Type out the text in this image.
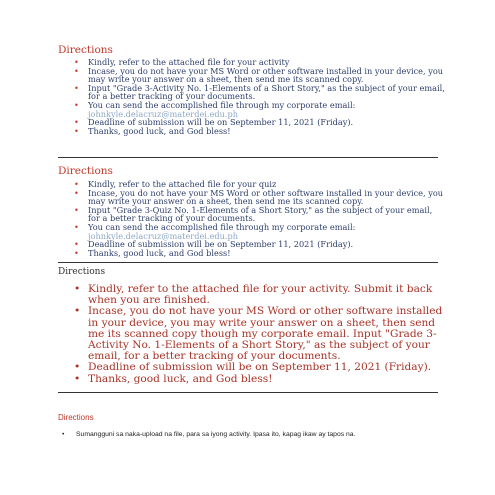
Directions
• Kindly, refer to the attached file for your activity
• Incase, you do not have your MS Word or other software installed in your device, you may write your answer on a sheet, then send me its scanned copy.
• Input "Grade 3-Activity No. 1-Elements of a Short Story," as the subject of your email, for a better tracking of your documents.
• You can send the accomplished file through my corporate email: johnkyle.delacruz@materdei.edu.ph
• Deadline of submission will be on September 11, 2021 (Friday).
• Thanks, good luck, and God bless!
Directions
• Kindly, refer to the attached file for your quiz
• Incase, you do not have your MS Word or other software installed in your device, you may write your answer on a sheet, then send me its scanned copy.
• Input "Grade 3-Quiz No. 1-Elements of a Short Story," as the subject of your email, for a better tracking of your documents.
• You can send the accomplished file through my corporate email: johnkyle.delacruz@materdei.edu.ph
• Deadline of submission will be on September 11, 2021 (Friday).
• Thanks, good luck, and God bless!
Directions
• Kindly, refer to the attached file for your activity. Submit it back when you are finished.
• Incase, you do not have your MS Word or other software installed in your device, you may write your answer on a sheet, then send me its scanned copy though my corporate email. Input "Grade 3-Activity No. 1-Elements of a Short Story," as the subject of your email, for a better tracking of your documents.
• Deadline of submission will be on September 11, 2021 (Friday).
• Thanks, good luck, and God bless!
Directions
• Sumangguni sa naka-upload na file, para sa iyong activity. Ipasa ito, kapag ikaw ay tapos na.
